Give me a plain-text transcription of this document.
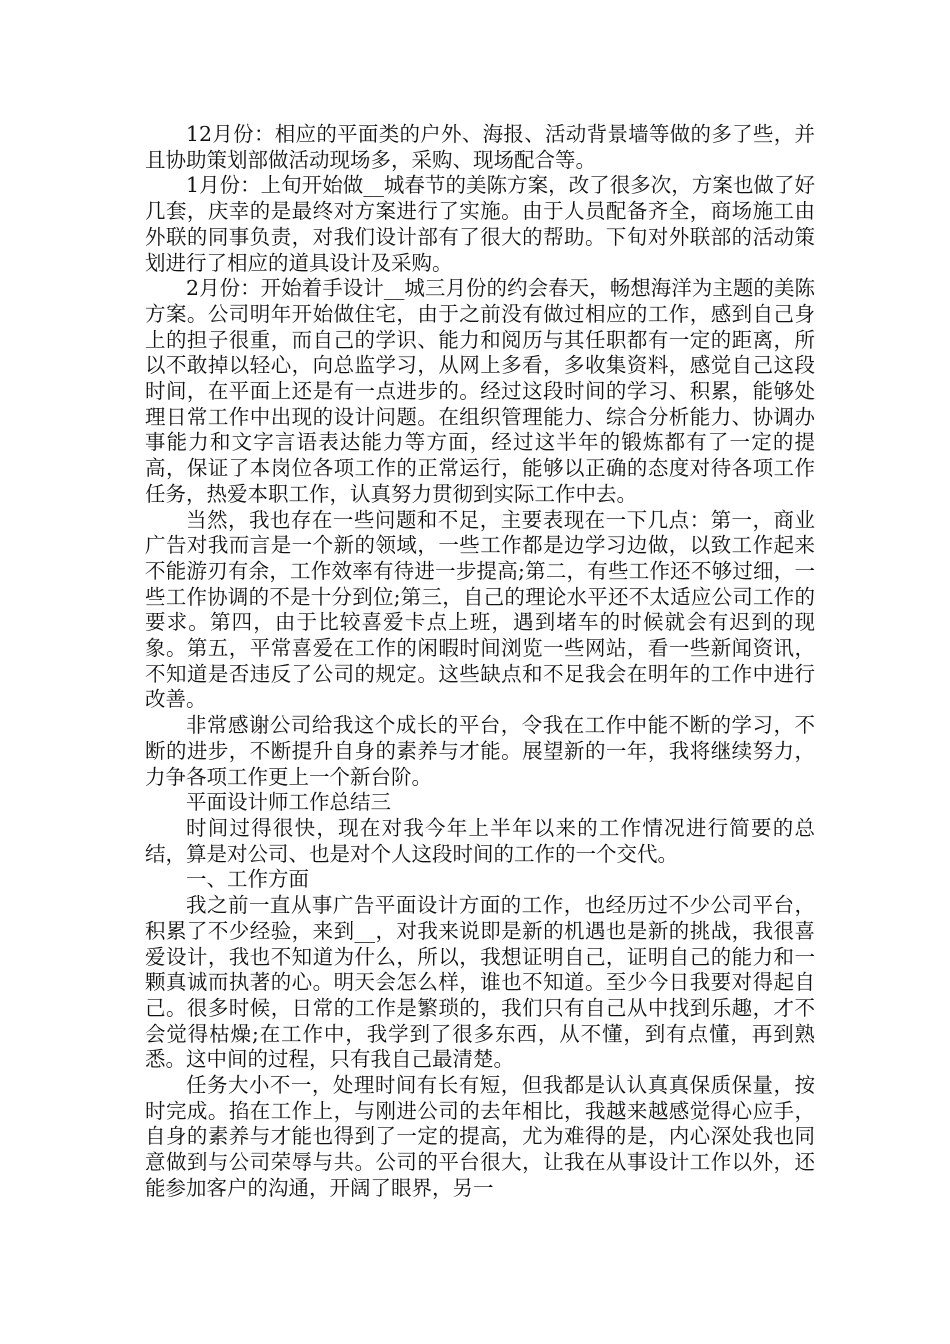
12月份：相应的平面类的户外、海报、活动背景墙等做的多了些，并且协助策划部做活动现场多，采购、现场配合等。

1月份：上旬开始做__城春节的美陈方案，改了很多次，方案也做了好几套，庆幸的是最终对方案进行了实施。由于人员配备齐全，商场施工由外联的同事负责，对我们设计部有了很大的帮助。下旬对外联部的活动策划进行了相应的道具设计及采购。

2月份：开始着手设计__城三月份的约会春天，畅想海洋为主题的美陈方案。公司明年开始做住宅，由于之前没有做过相应的工作，感到自己身上的担子很重，而自己的学识、能力和阅历与其任职都有一定的距离，所以不敢掉以轻心，向总监学习，从网上多看，多收集资料，感觉自己这段时间，在平面上还是有一点进步的。经过这段时间的学习、积累，能够处理日常工作中出现的设计问题。在组织管理能力、综合分析能力、协调办事能力和文字言语表达能力等方面，经过这半年的锻炼都有了一定的提高，保证了本岗位各项工作的正常运行，能够以正确的态度对待各项工作任务，热爱本职工作，认真努力贯彻到实际工作中去。

当然，我也存在一些问题和不足，主要表现在一下几点：第一，商业广告对我而言是一个新的领域，一些工作都是边学习边做，以致工作起来不能游刃有余，工作效率有待进一步提高;第二，有些工作还不够过细，一些工作协调的不是十分到位;第三，自己的理论水平还不太适应公司工作的要求。第四，由于比较喜爱卡点上班，遇到堵车的时候就会有迟到的现象。第五，平常喜爱在工作的闲暇时间浏览一些网站，看一些新闻资讯，不知道是否违反了公司的规定。这些缺点和不足我会在明年的工作中进行改善。

非常感谢公司给我这个成长的平台，令我在工作中能不断的学习，不断的进步，不断提升自身的素养与才能。展望新的一年，我将继续努力，力争各项工作更上一个新台阶。

平面设计师工作总结三

时间过得很快，现在对我今年上半年以来的工作情况进行简要的总结，算是对公司、也是对个人这段时间的工作的一个交代。

一、工作方面

我之前一直从事广告平面设计方面的工作，也经历过不少公司平台，积累了不少经验，来到__，对我来说即是新的机遇也是新的挑战，我很喜爱设计，我也不知道为什么，所以，我想证明自己，证明自己的能力和一颗真诚而执著的心。明天会怎么样，谁也不知道。至少今日我要对得起自己。很多时候，日常的工作是繁琐的，我们只有自己从中找到乐趣，才不会觉得枯燥;在工作中，我学到了很多东西，从不懂，到有点懂，再到熟悉。这中间的过程，只有我自己最清楚。

任务大小不一，处理时间有长有短，但我都是认认真真保质保量，按时完成。掐在工作上，与刚进公司的去年相比，我越来越感觉得心应手，自身的素养与才能也得到了一定的提高，尤为难得的是，内心深处我也同意做到与公司荣辱与共。公司的平台很大，让我在从事设计工作以外，还能参加客户的沟通，开阔了眼界，另一
